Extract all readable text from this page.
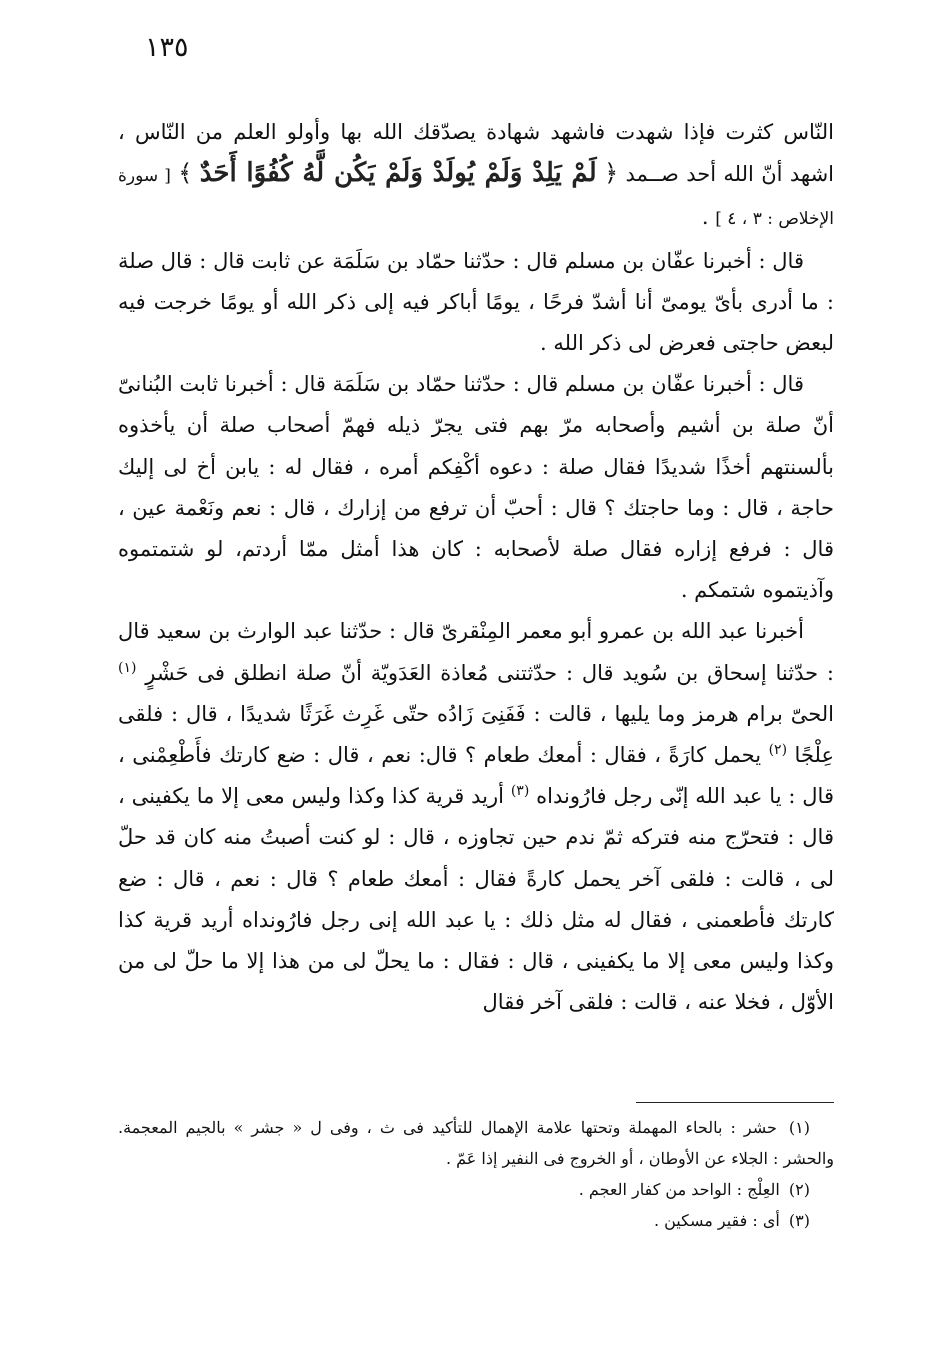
١٣٥

النّاس كثرت فإذا شهدت فاشهد شهادة يصدّقك الله بها وأولو العلم من النّاس ، اشهد أنّ الله أحد صــمد ﴿ لَمْ يَلِدْ وَلَمْ يُولَدْ وَلَمْ يَكُن لَّهُ كُفُوًا أَحَدٌ ﴾ [ سورة الإخلاص : ٣ ، ٤ ] .

قال : أخبرنا عفّان بن مسلم قال : حدّثنا حمّاد بن سَلَمَة عن ثابت قال : قال صلة : ما أدرى بأىّ يومىّ أنا أشدّ فرحًا ، يومًا أباكر فيه إلى ذكر الله أو يومًا خرجت فيه لبعض حاجتى فعرض لى ذكر الله .

قال : أخبرنا عفّان بن مسلم قال : حدّثنا حمّاد بن سَلَمَة قال : أخبرنا ثابت البُنانىّ أنّ صلة بن أشيم وأصحابه مرّ بهم فتى يجرّ ذيله فهمّ أصحاب صلة أن يأخذوه بألسنتهم أخذًا شديدًا فقال صلة : دعوه أكْفِكم أمره ، فقال له : يابن أخ لى إليك حاجة ، قال : وما حاجتك ؟ قال : أحبّ أن ترفع من إزارك ، قال : نعم ونَعْمة عين ، قال : فرفع إزاره فقال صلة لأصحابه : كان هذا أمثل ممّا أردتم، لو شتمتموه وآذيتموه شتمكم .

أخبرنا عبد الله بن عمرو أبو معمر المِنْقرىّ قال : حدّثنا عبد الوارث بن سعيد قال : حدّثنا إسحاق بن سُويد قال : حدّثتنى مُعاذة العَدَويّة أنّ صلة انطلق فى حَشْرٍ $^{(١)}$ الحىّ برام هرمز وما يليها ، قالت : فَفَنِىَ زَادُه حتّى غَرِث غَرَثًا شديدًا ، قال : فلقى عِلْجًا $^{(٢)}$ يحمل كارَةً ، فقال : أمعك طعام ؟ قال: نعم ، قال : ضع كارتك فأَطْعِمْنى ، قال : يا عبد الله إنّى رجل فارُونداه $^{(٣)}$ أريد قرية كذا وكذا وليس معى إلا ما يكفينى ، قال : فتحرّج منه فتركه ثمّ ندم حين تجاوزه ، قال : لو كنت أصبتُ منه كان قد حلّ لى ، قالت : فلقى آخر يحمل كارةً فقال : أمعك طعام ؟ قال : نعم ، قال : ضع كارتك فأطعمنى ، فقال له مثل ذلك : يا عبد الله إنى رجل فارُونداه أريد قرية كذا وكذا وليس معى إلا ما يكفينى ، قال : فقال : ما يحلّ لى من هذا إلا ما حلّ لى من الأوّل ، فخلا عنه ، قالت : فلقى آخر فقال

(١) حشر : بالحاء المهملة وتحتها علامة الإهمال للتأكيد فى ث ، وفى ل « جشر » بالجيم المعجمة. والحشر : الجلاء عن الأوطان ، أو الخروج فى النفير إذا عَمّ .

(٢) العِلْج : الواحد من كفار العجم .

(٣) أى : فقير مسكين .
